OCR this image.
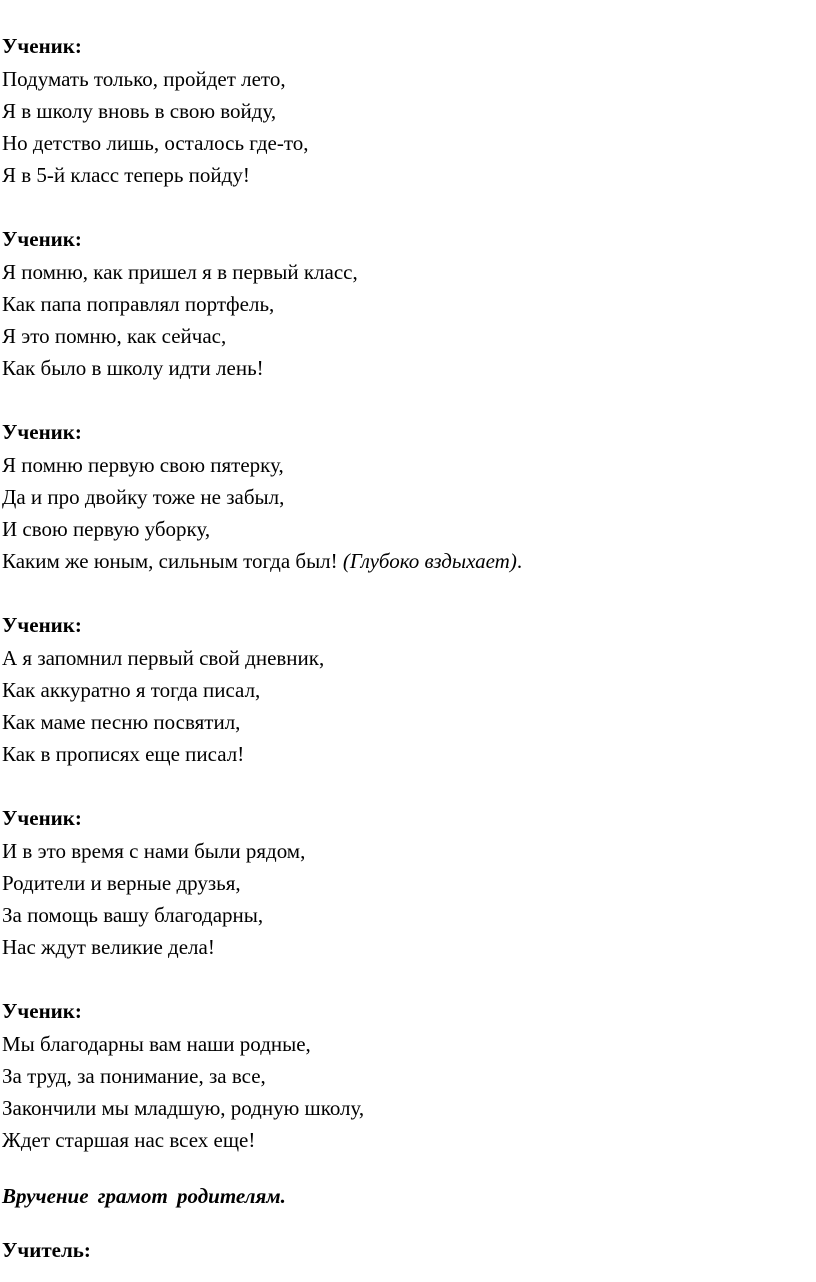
Ученик:
Подумать только, пройдет лето,
Я в школу вновь в свою войду,
Но детство лишь, осталось где-то,
Я в 5-й класс теперь пойду!
Ученик:
Я помню, как пришел я в первый класс,
Как папа поправлял портфель,
Я это помню, как сейчас,
Как было в школу идти лень!
Ученик:
Я помню первую свою пятерку,
Да и про двойку тоже не забыл,
И свою первую уборку,
Каким же юным, сильным тогда был! (Глубоко вздыхает).
Ученик:
А я запомнил первый свой дневник,
Как аккуратно я тогда писал,
Как маме песню посвятил,
Как в прописях еще писал!
Ученик:
И в это время с нами были рядом,
Родители и верные друзья,
За помощь вашу благодарны,
Нас ждут великие дела!
Ученик:
Мы благодарны вам наши родные,
За труд, за понимание, за все,
Закончили мы младшую, родную школу,
Ждет старшая нас всех еще!
Вручение грамот родителям.
Учитель:
